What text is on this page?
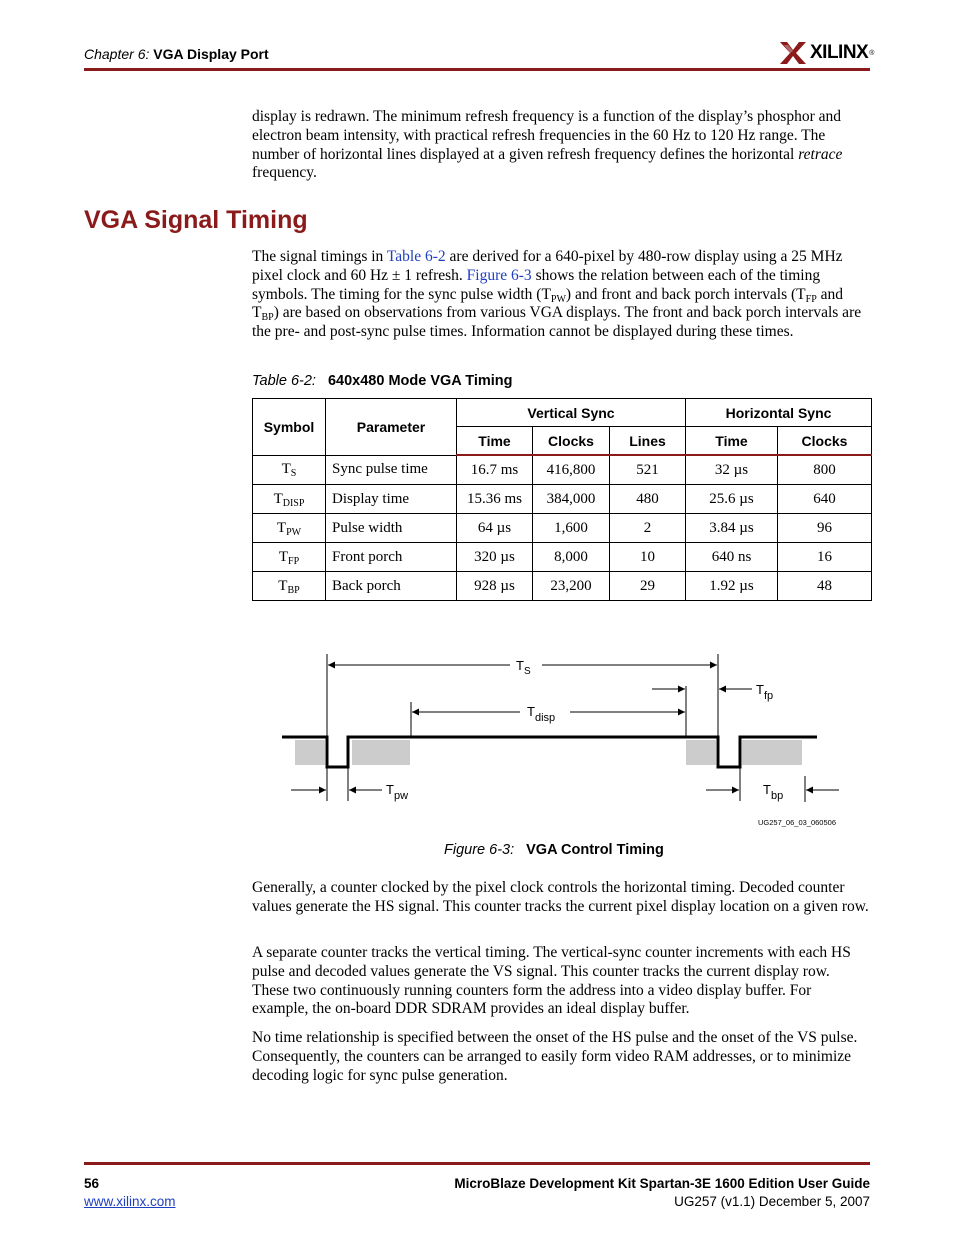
Chapter 6: VGA Display Port	XILINX ®
display is redrawn. The minimum refresh frequency is a function of the display’s phosphor and electron beam intensity, with practical refresh frequencies in the 60 Hz to 120 Hz range. The number of horizontal lines displayed at a given refresh frequency defines the horizontal retrace frequency.
VGA Signal Timing
The signal timings in Table 6-2 are derived for a 640-pixel by 480-row display using a 25 MHz pixel clock and 60 Hz ± 1 refresh. Figure 6-3 shows the relation between each of the timing symbols. The timing for the sync pulse width $(T_{PW})$ and front and back porch intervals ($T_{FP}$ and $T_{BP}$) are based on observations from various VGA displays. The front and back porch intervals are the pre- and post-sync pulse times. Information cannot be displayed during these times.
Table 6-2: 640x480 Mode VGA Timing
Symbol	Parameter	Vertical Sync			Horizontal Sync	
		Time	Clocks	Lines	Time	Clocks
$T_S$	Sync pulse time	16.7 ms	416,800	521	32 µs	800
$T_{DISP}$	Display time	15.36 ms	384,000	480	25.6 µs	640
$T_{PW}$	Pulse width	64 µs	1,600	2	3.84 µs	96
$T_{FP}$	Front porch	320 µs	8,000	10	640 ns	16
$T_{BP}$	Back porch	928 µs	23,200	29	1.92 µs	48
$T_S$
$T_{disp}$
$T_{fp}$
$T_{pw}$	$T_{bp}$
UG257_06_03_060506
Figure 6-3: VGA Control Timing
Generally, a counter clocked by the pixel clock controls the horizontal timing. Decoded counter values generate the HS signal. This counter tracks the current pixel display location on a given row.
A separate counter tracks the vertical timing. The vertical-sync counter increments with each HS pulse and decoded values generate the VS signal. This counter tracks the current display row. These two continuously running counters form the address into a video display buffer. For example, the on-board DDR SDRAM provides an ideal display buffer.
No time relationship is specified between the onset of the HS pulse and the onset of the VS pulse. Consequently, the counters can be arranged to easily form video RAM addresses, or to minimize decoding logic for sync pulse generation.
56
www.xilinx.com
MicroBlaze Development Kit Spartan-3E 1600 Edition User Guide
UG257 (v1.1) December 5, 2007
